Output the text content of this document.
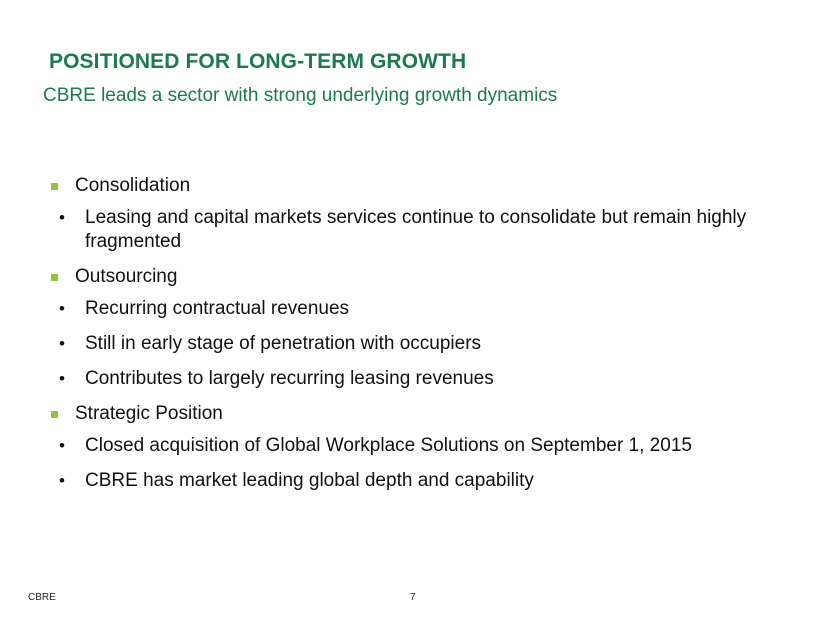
POSITIONED FOR LONG-TERM GROWTH
CBRE leads a sector with strong underlying growth dynamics
Consolidation
• Leasing and capital markets services continue to consolidate but remain highly fragmented
Outsourcing
• Recurring contractual revenues
• Still in early stage of penetration with occupiers
• Contributes to largely recurring leasing revenues
Strategic Position
• Closed acquisition of Global Workplace Solutions on September 1, 2015
• CBRE has market leading global depth and capability
CBRE	7
